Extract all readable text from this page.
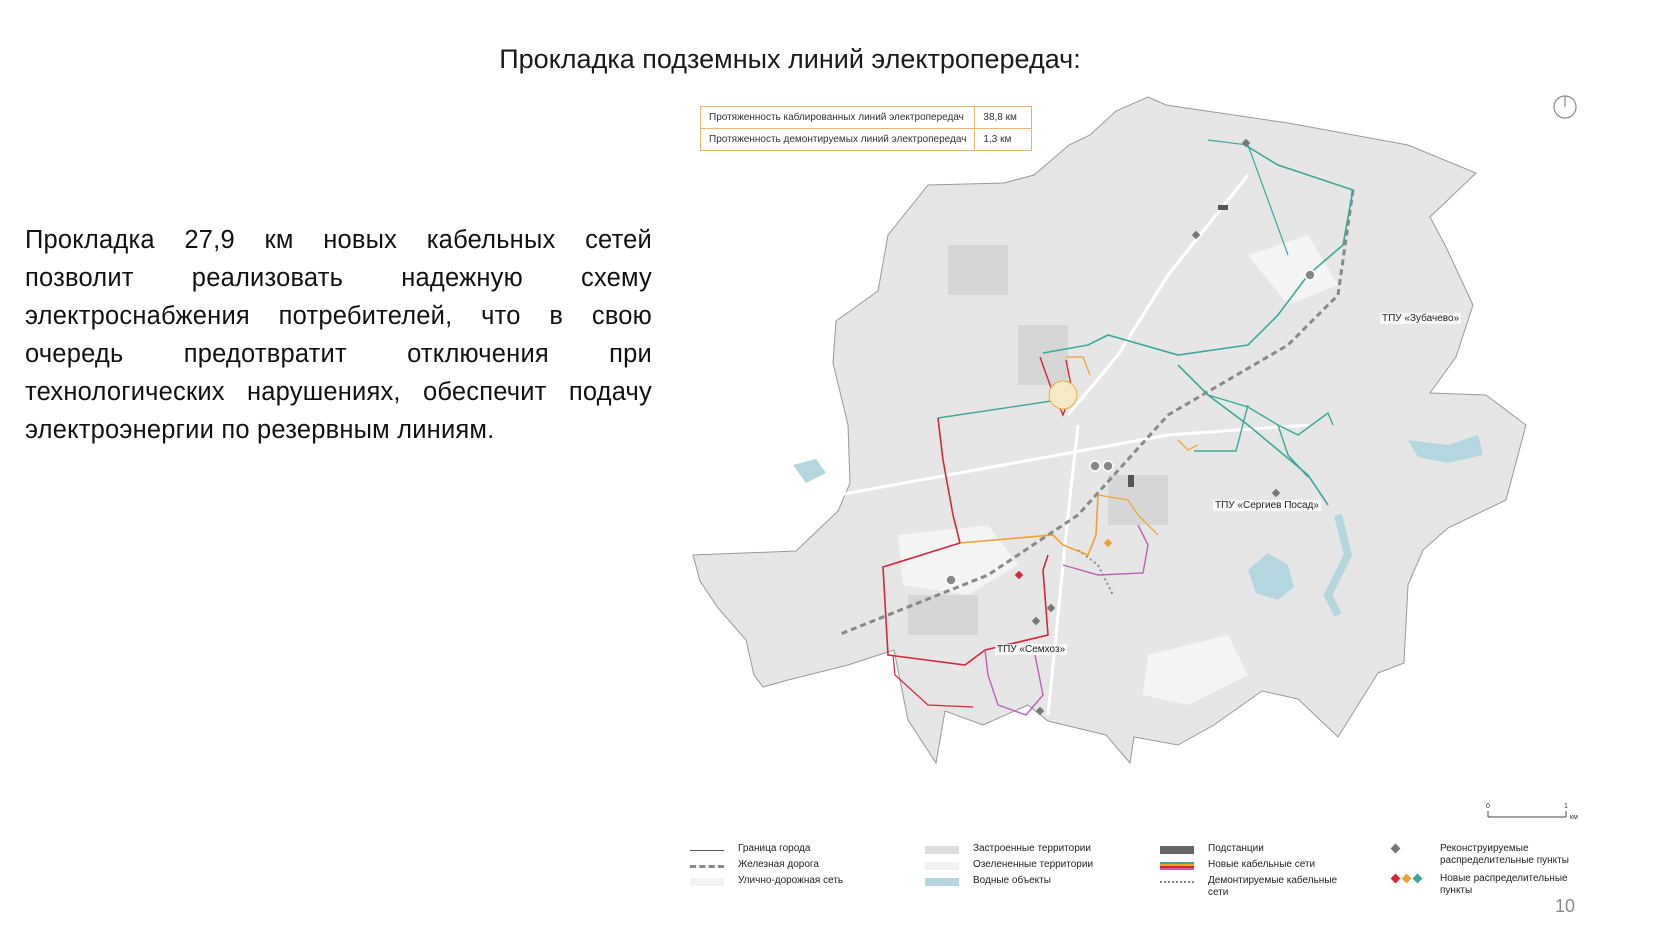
Прокладка подземных линий электропередач:
Прокладка 27,9 км новых кабельных сетей позволит реализовать надежную схему электроснабжения потребителей, что в свою очередь предотвратит отключения при технологических нарушениях, обеспечит подачу электроэнергии по резервным линиям.
0	1
км
Протяженность каблированных линий электропередач	38,8 км
Протяженность демонтируемых линий электропередач	1,3 км
ТПУ «Зубачево»
ТПУ «Сергиев Посад»
ТПУ «Семхоз»
Граница города
Железная дорога
Улично-дорожная сеть
Застроенные территории
Озелененные территории
Водные объекты
Подстанции
Новые кабельные сети
Демонтируемые кабельные сети
Реконструируемые распределительные пункты
Новые распределительные пункты
10
